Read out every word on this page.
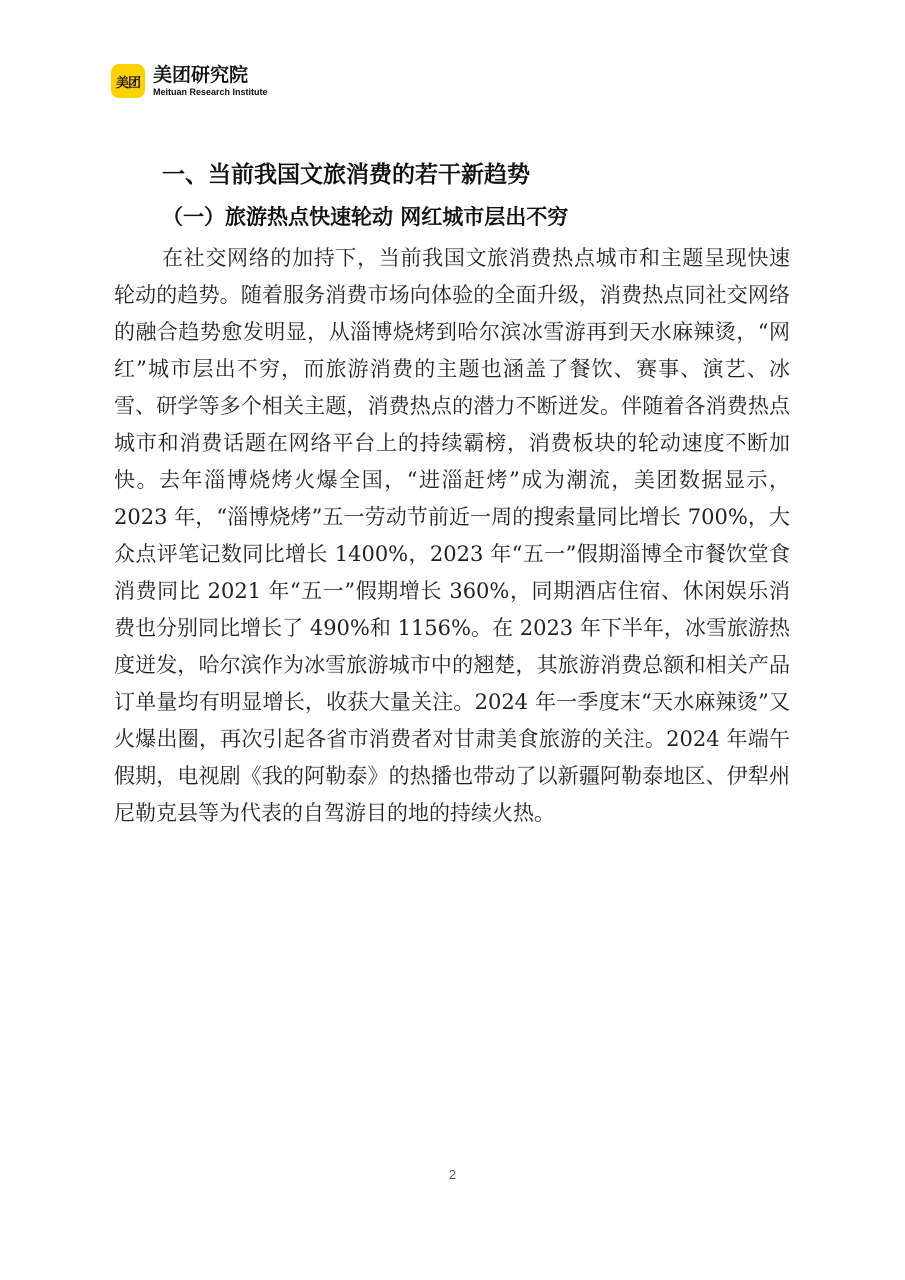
美团 美团研究院
Meituan Research Institute
一、当前我国文旅消费的若干新趋势
（一）旅游热点快速轮动 网红城市层出不穷

在社交网络的加持下，当前我国文旅消费热点城市和主题呈现快速轮动的趋势。随着服务消费市场向体验的全面升级，消费热点同社交网络的融合趋势愈发明显，从淄博烧烤到哈尔滨冰雪游再到天水麻辣烫，“网红”城市层出不穷，而旅游消费的主题也涵盖了餐饮、赛事、演艺、冰雪、研学等多个相关主题，消费热点的潜力不断迸发。伴随着各消费热点城市和消费话题在网络平台上的持续霸榜，消费板块的轮动速度不断加快。去年淄博烧烤火爆全国，“进淄赶烤”成为潮流，美团数据显示，2023 年，“淄博烧烤”五一劳动节前近一周的搜索量同比增长 700%，大众点评笔记数同比增长 1400%，2023 年“五一”假期淄博全市餐饮堂食消费同比 2021 年“五一”假期增长 360%，同期酒店住宿、休闲娱乐消费也分别同比增长了 490%和 1156%。在 2023 年下半年，冰雪旅游热度迸发，哈尔滨作为冰雪旅游城市中的翘楚，其旅游消费总额和相关产品订单量均有明显增长，收获大量关注。2024 年一季度末“天水麻辣烫”又火爆出圈，再次引起各省市消费者对甘肃美食旅游的关注。2024 年端午假期，电视剧《我的阿勒泰》的热播也带动了以新疆阿勒泰地区、伊犁州尼勒克县等为代表的自驾游目的地的持续火热。

2
